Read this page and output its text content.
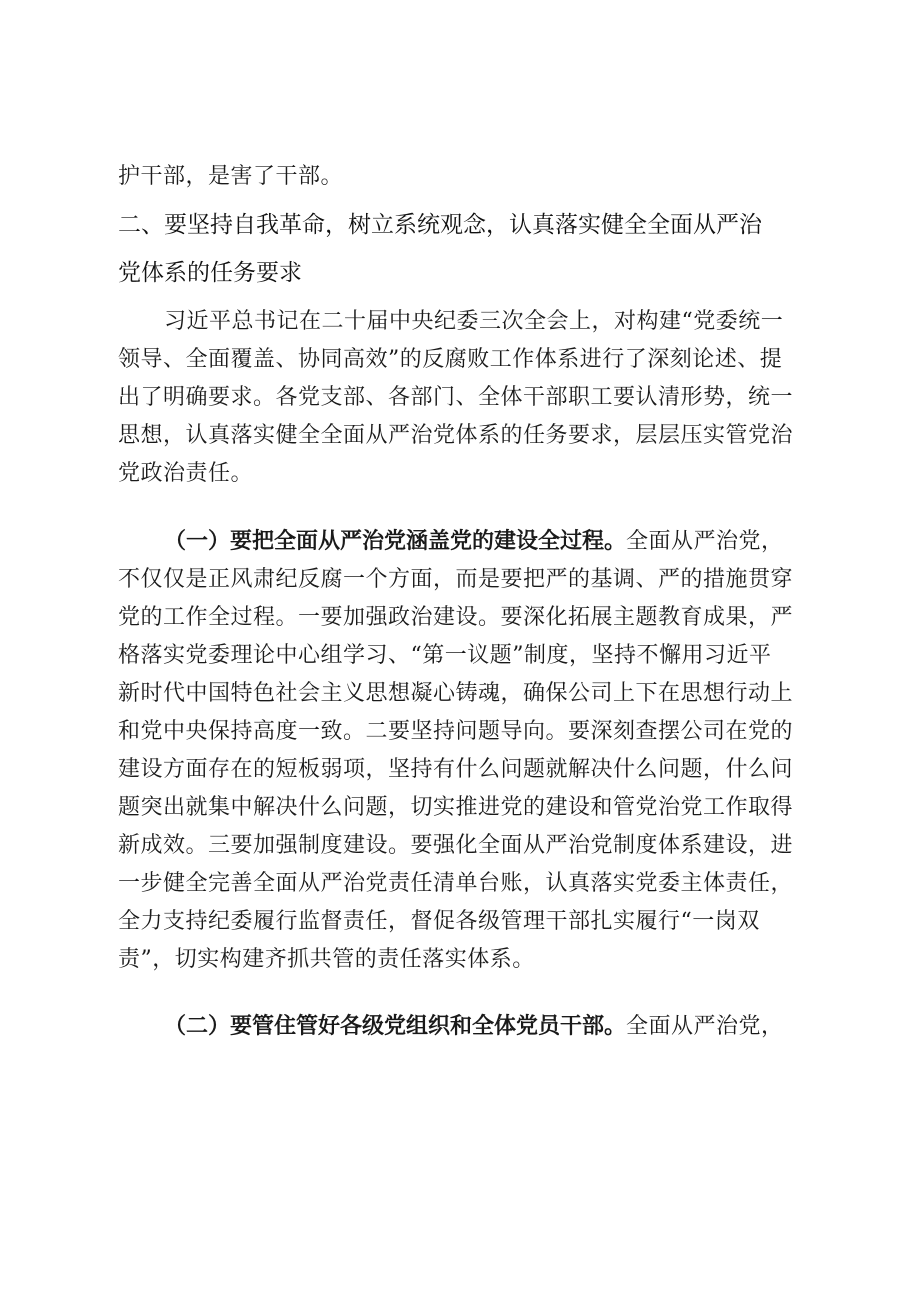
护干部，是害了干部。
二、要坚持自我革命，树立系统观念，认真落实健全全面从严治
党体系的任务要求
习近平总书记在二十届中央纪委三次全会上，对构建“党委统一
领导、全面覆盖、协同高效”的反腐败工作体系进行了深刻论述、提
出了明确要求。各党支部、各部门、全体干部职工要认清形势，统一
思想，认真落实健全全面从严治党体系的任务要求，层层压实管党治
党政治责任。
（一）要把全面从严治党涵盖党的建设全过程。全面从严治党，
不仅仅是正风肃纪反腐一个方面，而是要把严的基调、严的措施贯穿
党的工作全过程。一要加强政治建设。要深化拓展主题教育成果，严
格落实党委理论中心组学习、“第一议题”制度，坚持不懈用习近平
新时代中国特色社会主义思想凝心铸魂，确保公司上下在思想行动上
和党中央保持高度一致。二要坚持问题导向。要深刻查摆公司在党的
建设方面存在的短板弱项，坚持有什么问题就解决什么问题，什么问
题突出就集中解决什么问题，切实推进党的建设和管党治党工作取得
新成效。三要加强制度建设。要强化全面从严治党制度体系建设，进
一步健全完善全面从严治党责任清单台账，认真落实党委主体责任，
全力支持纪委履行监督责任，督促各级管理干部扎实履行“一岗双
责”，切实构建齐抓共管的责任落实体系。
（二）要管住管好各级党组织和全体党员干部。全面从严治党，
